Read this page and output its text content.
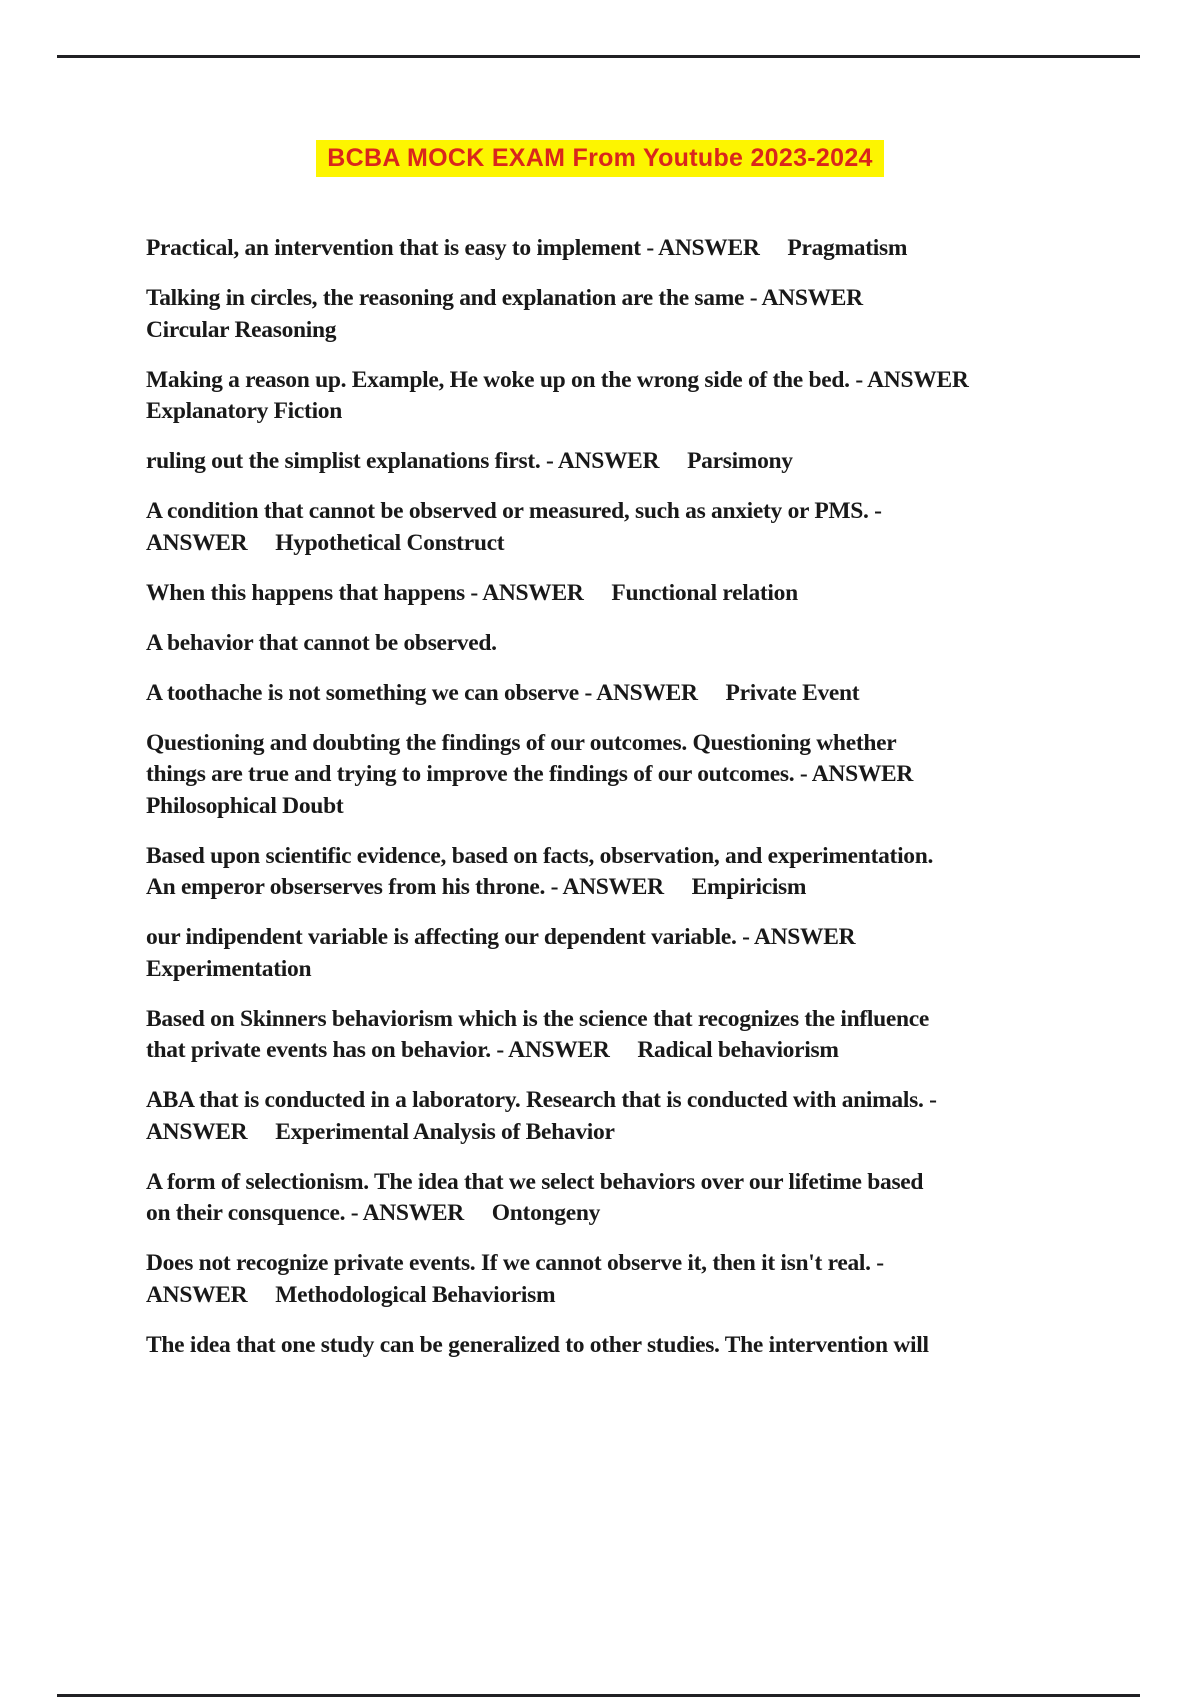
BCBA MOCK EXAM From Youtube 2023-2024

Practical, an intervention that is easy to implement - ANSWER     Pragmatism

Talking in circles, the reasoning and explanation are the same - ANSWER
Circular Reasoning

Making a reason up. Example, He woke up on the wrong side of the bed. - ANSWER
Explanatory Fiction

ruling out the simplist explanations first. - ANSWER     Parsimony

A condition that cannot be observed or measured, such as anxiety or PMS. -
ANSWER     Hypothetical Construct

When this happens that happens - ANSWER     Functional relation

A behavior that cannot be observed.

A toothache is not something we can observe - ANSWER     Private Event

Questioning and doubting the findings of our outcomes. Questioning whether
things are true and trying to improve the findings of our outcomes. - ANSWER
Philosophical Doubt

Based upon scientific evidence, based on facts, observation, and experimentation.
An emperor obserserves from his throne. - ANSWER     Empiricism

our indipendent variable is affecting our dependent variable. - ANSWER
Experimentation

Based on Skinners behaviorism which is the science that recognizes the influence
that private events has on behavior. - ANSWER     Radical behaviorism

ABA that is conducted in a laboratory. Research that is conducted with animals. -
ANSWER     Experimental Analysis of Behavior

A form of selectionism. The idea that we select behaviors over our lifetime based
on their consquence. - ANSWER     Ontongeny

Does not recognize private events. If we cannot observe it, then it isn't real. -
ANSWER     Methodological Behaviorism

The idea that one study can be generalized to other studies. The intervention will
